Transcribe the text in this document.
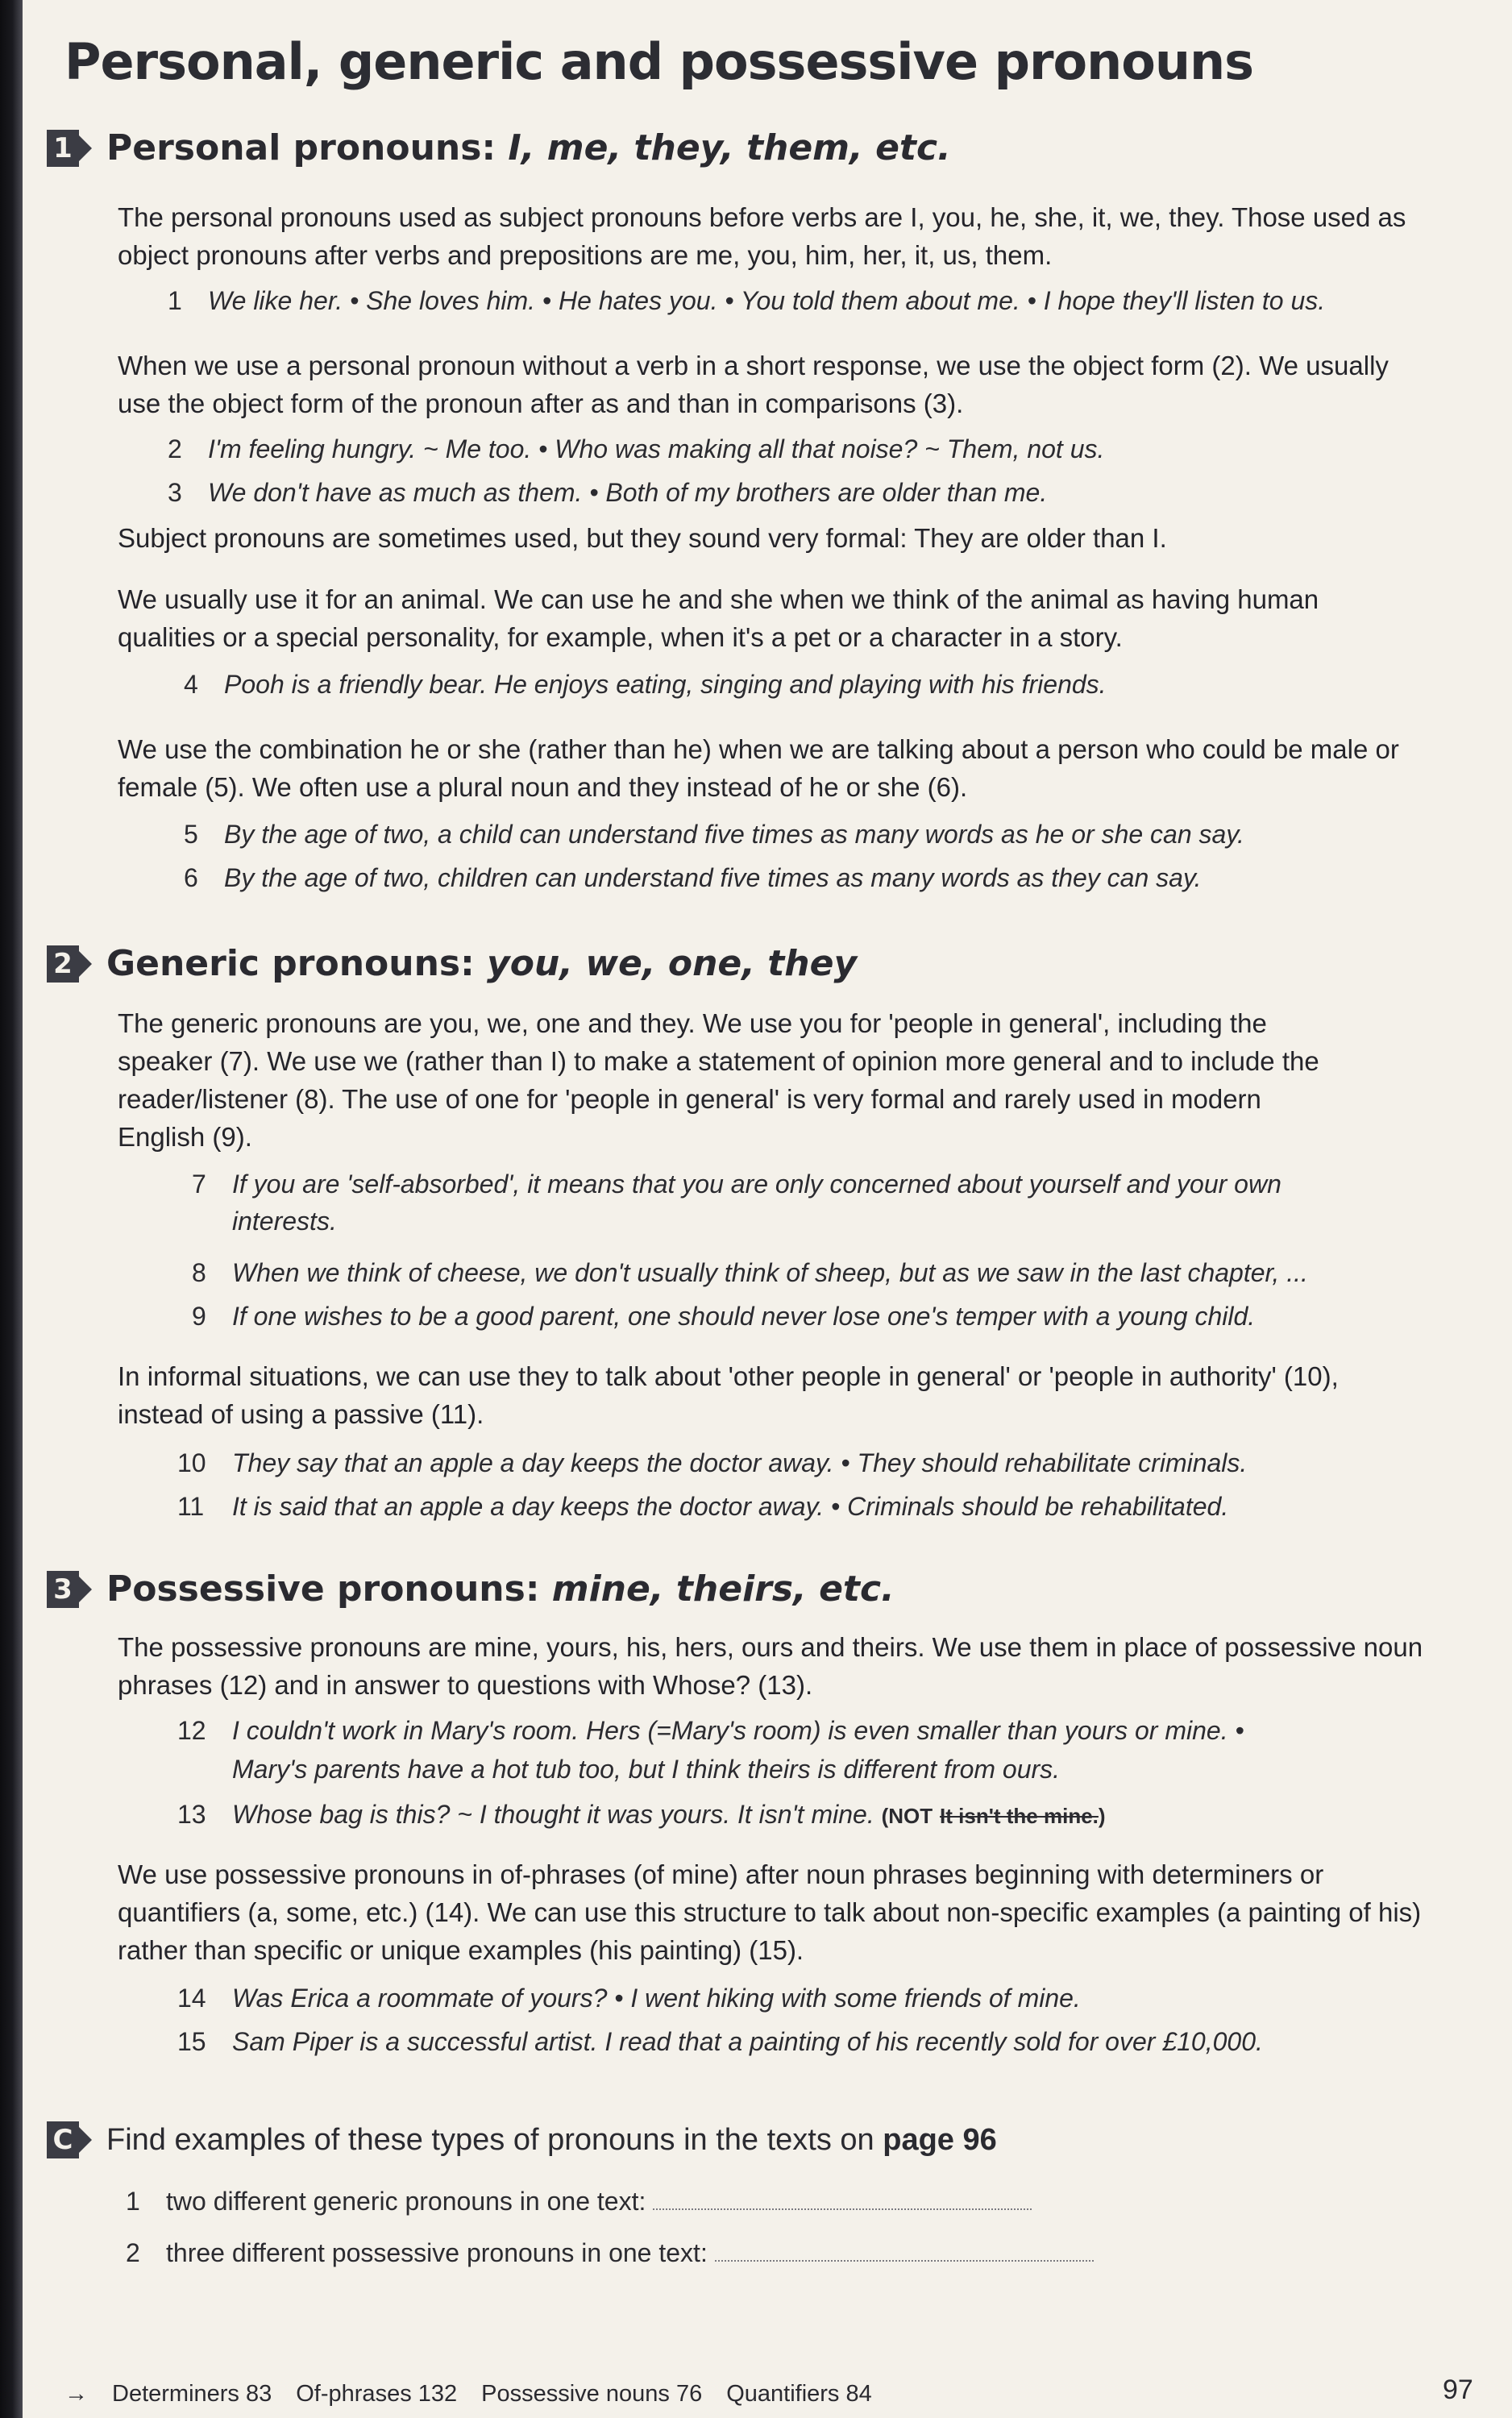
Personal, generic and possessive pronouns
1 Personal pronouns: I, me, they, them, etc.

The personal pronouns used as subject pronouns before verbs are I, you, he, she, it, we, they. Those used as object pronouns after verbs and prepositions are me, you, him, her, it, us, them.

1 We like her. • She loves him. • He hates you. • You told them about me. • I hope they'll listen to us.

When we use a personal pronoun without a verb in a short response, we use the object form (2). We usually use the object form of the pronoun after as and than in comparisons (3).

2 I'm feeling hungry. ~ Me too. • Who was making all that noise? ~ Them, not us.
3 We don't have as much as them. • Both of my brothers are older than me.

Subject pronouns are sometimes used, but they sound very formal: They are older than I.

We usually use it for an animal. We can use he and she when we think of the animal as having human qualities or a special personality, for example, when it's a pet or a character in a story.

4 Pooh is a friendly bear. He enjoys eating, singing and playing with his friends.

We use the combination he or she (rather than he) when we are talking about a person who could be male or female (5). We often use a plural noun and they instead of he or she (6).

5 By the age of two, a child can understand five times as many words as he or she can say.
6 By the age of two, children can understand five times as many words as they can say.
2 Generic pronouns: you, we, one, they

The generic pronouns are you, we, one and they. We use you for 'people in general', including the speaker (7). We use we (rather than I) to make a statement of opinion more general and to include the reader/listener (8). The use of one for 'people in general' is very formal and rarely used in modern English (9).

7 If you are 'self-absorbed', it means that you are only concerned about yourself and your own interests.
8 When we think of cheese, we don't usually think of sheep, but as we saw in the last chapter, ...
9 If one wishes to be a good parent, one should never lose one's temper with a young child.

In informal situations, we can use they to talk about 'other people in general' or 'people in authority' (10), instead of using a passive (11).

10 They say that an apple a day keeps the doctor away. • They should rehabilitate criminals.
11 It is said that an apple a day keeps the doctor away. • Criminals should be rehabilitated.
3 Possessive pronouns: mine, theirs, etc.

The possessive pronouns are mine, yours, his, hers, ours and theirs. We use them in place of possessive noun phrases (12) and in answer to questions with Whose? (13).

12 I couldn't work in Mary's room. Hers (=Mary's room) is even smaller than yours or mine. •
Mary's parents have a hot tub too, but I think theirs is different from ours.
13 Whose bag is this? ~ I thought it was yours. It isn't mine. (NOT It isn't the mine.)

We use possessive pronouns in of-phrases (of mine) after noun phrases beginning with determiners or quantifiers (a, some, etc.) (14). We can use this structure to talk about non-specific examples (a painting of his) rather than specific or unique examples (his painting) (15).

14 Was Erica a roommate of yours? • I went hiking with some friends of mine.
15 Sam Piper is a successful artist. I read that a painting of his recently sold for over £10,000.
C Find examples of these types of pronouns in the texts on page 96
1 two different generic pronouns in one text:
2 three different possessive pronouns in one text:
→ Determiners 83 Of-phrases 132 Possessive nouns 76 Quantifiers 84	97
